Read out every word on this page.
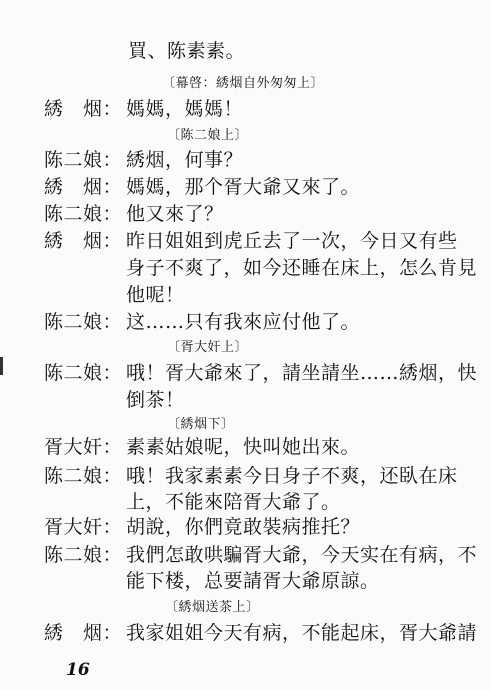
買、陈素素。
〔幕啓：綉烟自外匆匆上〕
綉　烟： 媽媽，媽媽！
〔陈二娘上〕
陈二娘： 綉烟，何事？
綉　烟： 媽媽，那个胥大爺又來了。
陈二娘： 他又來了？
綉　烟： 昨日姐姐到虎丘去了一次，今日又有些
身子不爽了，如今还睡在床上，怎么肯見
他呢！
陈二娘： 这……只有我來应付他了。
〔胥大奸上〕
陈二娘： 哦！胥大爺來了，請坐請坐……綉烟，快
倒茶！
〔綉烟下〕
胥大奸： 素素姑娘呢，快叫她出來。
陈二娘： 哦！我家素素今日身子不爽，还臥在床
上，不能來陪胥大爺了。
胥大奸： 胡說，你們竟敢裝病推托？
陈二娘： 我們怎敢哄騙胥大爺，今天实在有病，不
能下楼，总要請胥大爺原諒。
〔綉烟送茶上〕
綉　烟： 我家姐姐今天有病，不能起床，胥大爺請
16
